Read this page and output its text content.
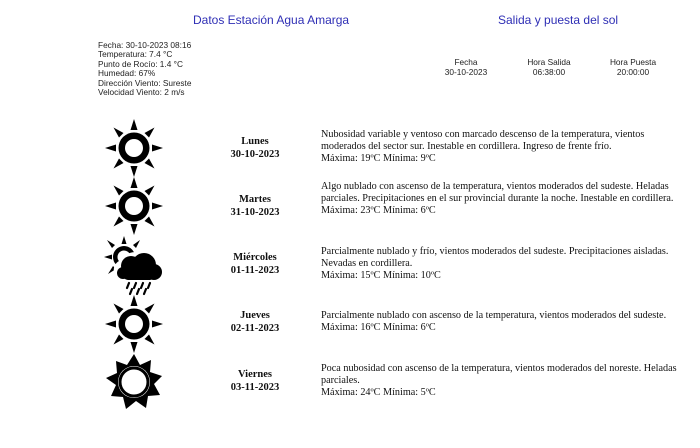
Datos Estación Agua Amarga	Salida y puesta del sol
Fecha: 30-10-2023 08:16
Temperatura: 7.4 °C
Punto de Rocío: 1.4 °C
Humedad: 67%
Dirección Viento: Sureste
Velocidad Viento: 2 m/s
Fecha
30-10-2023
Hora Salida
06:38:00
Hora Puesta
20:00:00
Lunes
30-10-2023
Nubosidad variable y ventoso con marcado descenso de la temperatura, vientos moderados del sector sur. Inestable en cordillera. Ingreso de frente frío.
Máxima: 19ºC Mínima: 9ºC
Martes
31-10-2023
Algo nublado con ascenso de la temperatura, vientos moderados del sudeste. Heladas parciales. Precipitaciones en el sur provincial durante la noche. Inestable en cordillera.
Máxima: 23ºC Mínima: 6ºC
Miércoles
01-11-2023
Parcialmente nublado y frío, vientos moderados del sudeste. Precipitaciones aisladas. Nevadas en cordillera.
Máxima: 15ºC Mínima: 10ºC
Jueves
02-11-2023
Parcialmente nublado con ascenso de la temperatura, vientos moderados del sudeste.
Máxima: 16ºC Mínima: 6ºC
Viernes
03-11-2023
Poca nubosidad con ascenso de la temperatura, vientos moderados del noreste. Heladas parciales.
Máxima: 24ºC Mínima: 5ºC
